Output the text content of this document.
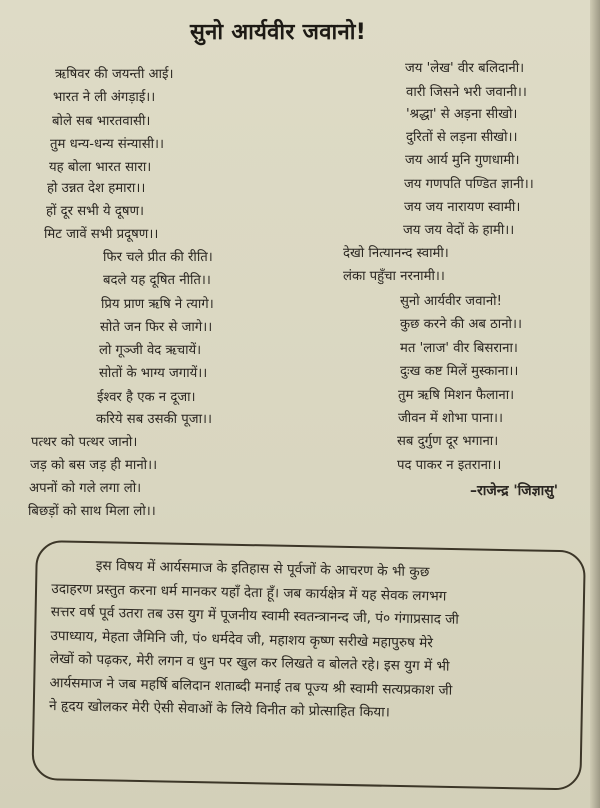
सुनो आर्यवीर जवानो!
ऋषिवर की जयन्ती आई।
भारत ने ली अंगड़ाई।।
बोले सब भारतवासी।
तुम धन्य-धन्य संन्यासी।।
यह बोला भारत सारा।
हो उन्नत देश हमारा।।
हों दूर सभी ये दूषण।
मिट जावें सभी प्रदूषण।।
फिर चले प्रीत की रीति।
बदले यह दूषित नीति।।
प्रिय प्राण ऋषि ने त्यागे।
सोते जन फिर से जागे।।
लो गूञ्जी वेद ऋचायें।
सोतों के भाग्य जगायें।।
ईश्वर है एक न दूजा।
करिये सब उसकी पूजा।।
पत्थर को पत्थर जानो।
जड़ को बस जड़ ही मानो।।
अपनों को गले लगा लो।
बिछड़ों को साथ मिला लो।।
जय 'लेख' वीर बलिदानी।
वारी जिसने भरी जवानी।।
'श्रद्धा' से अड़ना सीखो।
दुरितों से लड़ना सीखो।।
जय आर्य मुनि गुणधामी।
जय गणपति पण्डित ज्ञानी।।
जय जय नारायण स्वामी।
जय जय वेदों के हामी।।
देखो नित्यानन्द स्वामी।
लंका पहुँचा नरनामी।।
सुनो आर्यवीर जवानो!
कुछ करने की अब ठानो।।
मत 'लाज' वीर बिसराना।
दुःख कष्ट मिलें मुस्काना।।
तुम ऋषि मिशन फैलाना।
जीवन में शोभा पाना।।
सब दुर्गुण दूर भगाना।
पद पाकर न इतराना।।
–राजेन्द्र 'जिज्ञासु'
इस विषय में आर्यसमाज के इतिहास से पूर्वजों के आचरण के भी कुछ
उदाहरण प्रस्तुत करना धर्म मानकर यहाँ देता हूँ। जब कार्यक्षेत्र में यह सेवक लगभग
सत्तर वर्ष पूर्व उतरा तब उस युग में पूजनीय स्वामी स्वतन्त्रानन्द जी, पं० गंगाप्रसाद जी
उपाध्याय, मेहता जैमिनि जी, पं० धर्मदेव जी, महाशय कृष्ण सरीखे महापुरुष मेरे
लेखों को पढ़कर, मेरी लगन व धुन पर खुल कर लिखते व बोलते रहे। इस युग में भी
आर्यसमाज ने जब महर्षि बलिदान शताब्दी मनाई तब पूज्य श्री स्वामी सत्यप्रकाश जी
ने हृदय खोलकर मेरी ऐसी सेवाओं के लिये विनीत को प्रोत्साहित किया।
